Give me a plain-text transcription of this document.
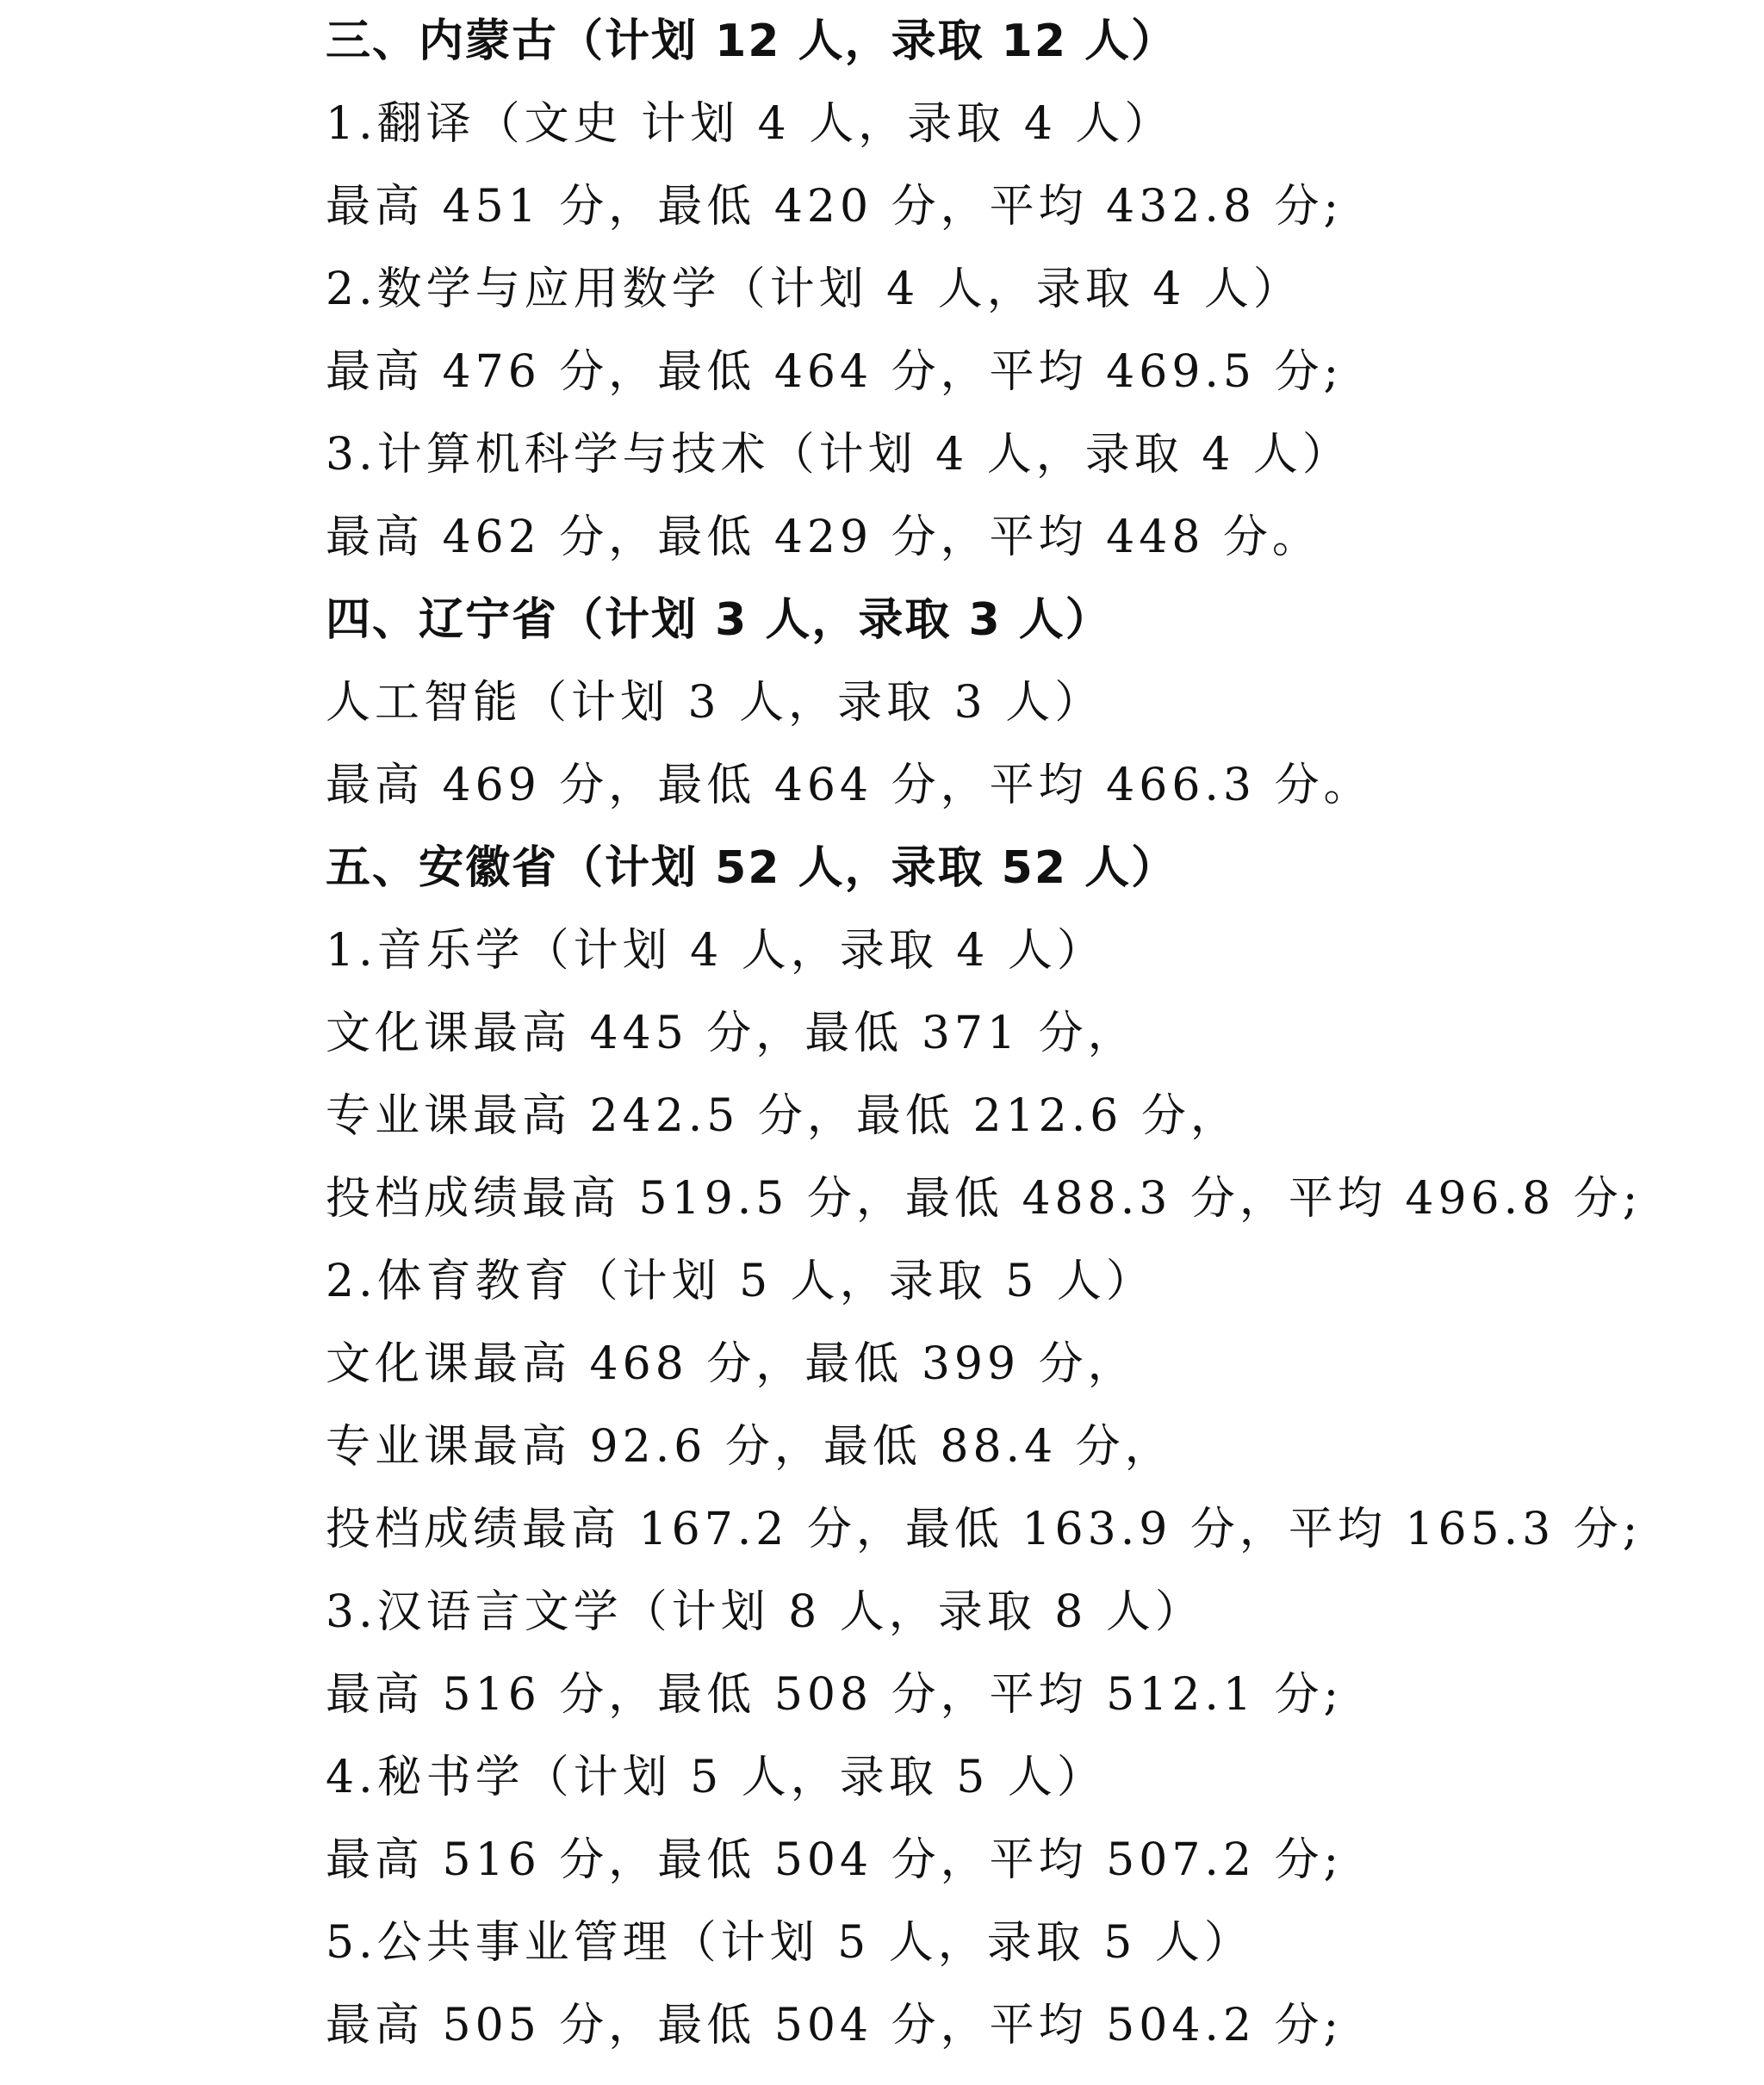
三、内蒙古（计划 12 人，录取 12 人）
1.翻译（文史 计划 4 人，录取 4 人）
最高 451 分，最低 420 分，平均 432.8 分;
2.数学与应用数学（计划 4 人，录取 4 人）
最高 476 分，最低 464 分，平均 469.5 分;
3.计算机科学与技术（计划 4 人，录取 4 人）
最高 462 分，最低 429 分，平均 448 分。
四、辽宁省（计划 3 人，录取 3 人）
人工智能（计划 3 人，录取 3 人）
最高 469 分，最低 464 分，平均 466.3 分。
五、安徽省（计划 52 人，录取 52 人）
1.音乐学（计划 4 人，录取 4 人）
文化课最高 445 分，最低 371 分，
专业课最高 242.5 分，最低 212.6 分，
投档成绩最高 519.5 分，最低 488.3 分，平均 496.8 分;
2.体育教育（计划 5 人，录取 5 人）
文化课最高 468 分，最低 399 分，
专业课最高 92.6 分，最低 88.4 分，
投档成绩最高 167.2 分，最低 163.9 分，平均 165.3 分;
3.汉语言文学（计划 8 人，录取 8 人）
最高 516 分，最低 508 分，平均 512.1 分;
4.秘书学（计划 5 人，录取 5 人）
最高 516 分，最低 504 分，平均 507.2 分;
5.公共事业管理（计划 5 人，录取 5 人）
最高 505 分，最低 504 分，平均 504.2 分;
